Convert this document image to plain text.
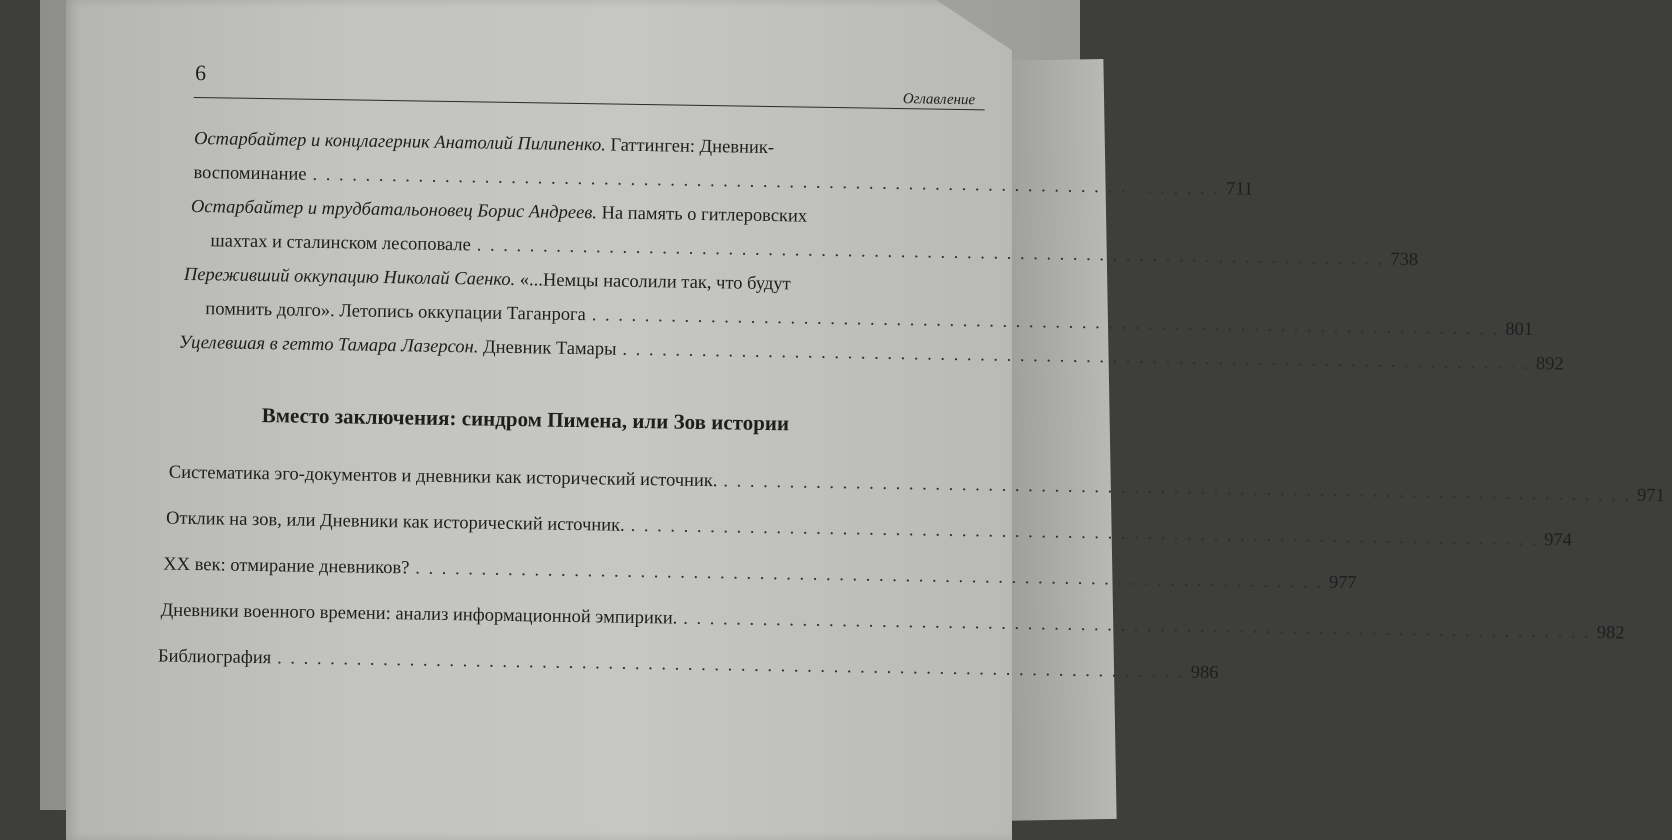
6
Оглавление
Остарбайтер и концлагерник Анатолий Пилипенко. Гаттинген: Дневник-
воспоминание . . . . . . . . . . . . . . . . . . . . . . . . . . . . . . . . . . . . . . . . . . . . . . . . . . . . . . . . . . . . . . . . . . . . . 711
Остарбайтер и трудбатальоновец Борис Андреев. На память о гитлеровских
шахтах и сталинском лесоповале . . . . . . . . . . . . . . . . . . . . . . . . . . . . . . . . . . . . . . . . . . . . . . . . . . . . . . . . . . . . . . . . . . . . . 738
Переживший оккупацию Николай Саенко. «...Немцы насолили так, что будут
помнить долго». Летопись оккупации Таганрога . . . . . . . . . . . . . . . . . . . . . . . . . . . . . . . . . . . . . . . . . . . . . . . . . . . . . . . . . . . . . . . . . . . . . 801
Уцелевшая в гетто Тамара Лазерсон. Дневник Тамары . . . . . . . . . . . . . . . . . . . . . . . . . . . . . . . . . . . . . . . . . . . . . . . . . . . . . . . . . . . . . . . . . . . . . 892
Вместо заключения: синдром Пимена, или Зов истории
Систематика эго-документов и дневники как исторический источник. . . . . . . . . . . . . . . . . . . . . . . . . . . . . . . . . . . . . . . . . . . . . . . . . . . . . . . . . . . . . . . . . . . . . . 971
Отклик на зов, или Дневники как исторический источник. . . . . . . . . . . . . . . . . . . . . . . . . . . . . . . . . . . . . . . . . . . . . . . . . . . . . . . . . . . . . . . . . . . . . . 974
XX век: отмирание дневников? . . . . . . . . . . . . . . . . . . . . . . . . . . . . . . . . . . . . . . . . . . . . . . . . . . . . . . . . . . . . . . . . . . . . . 977
Дневники военного времени: анализ информационной эмпирики. . . . . . . . . . . . . . . . . . . . . . . . . . . . . . . . . . . . . . . . . . . . . . . . . . . . . . . . . . . . . . . . . . . . . . 982
Библиография . . . . . . . . . . . . . . . . . . . . . . . . . . . . . . . . . . . . . . . . . . . . . . . . . . . . . . . . . . . . . . . . . . . . . 986
